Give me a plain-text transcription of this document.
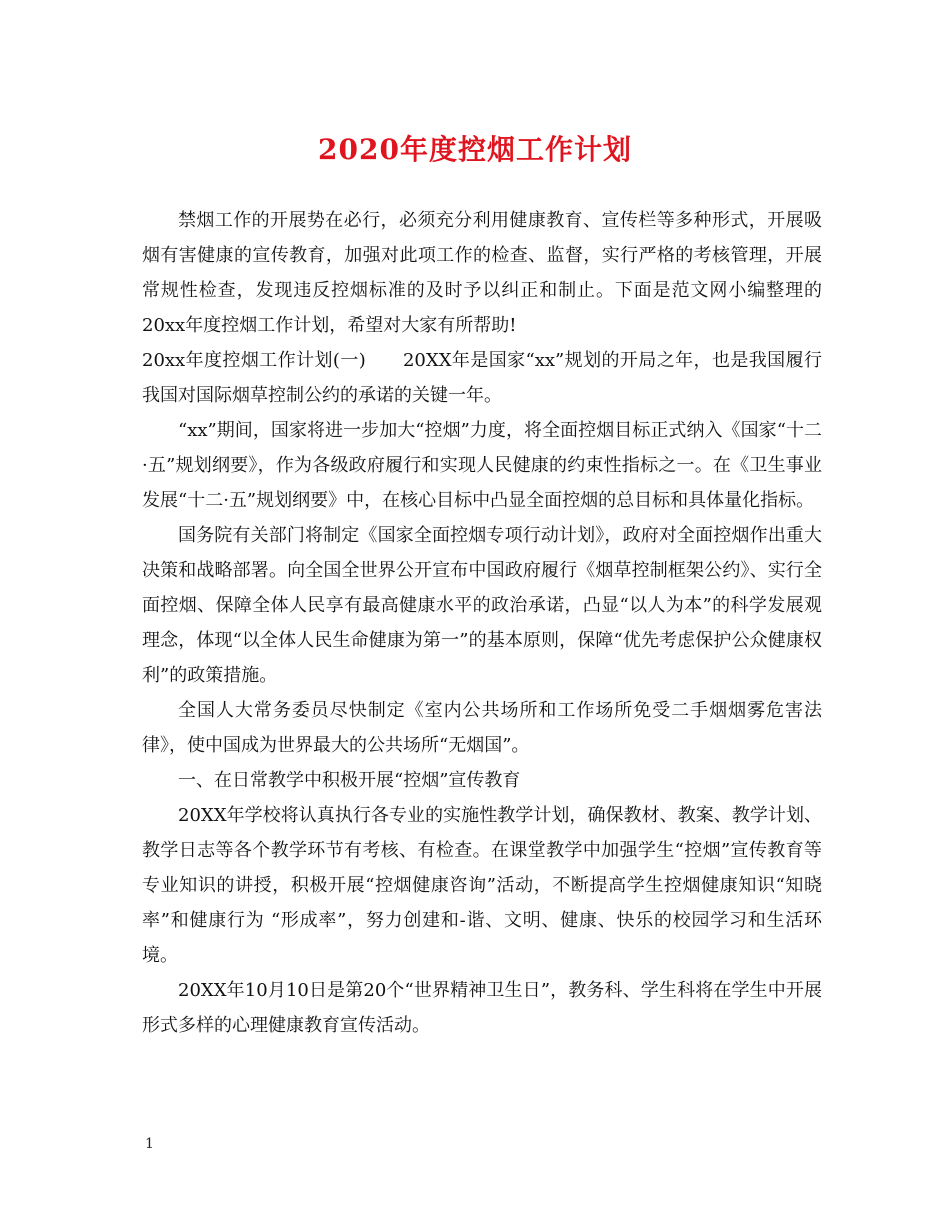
2020年度控烟工作计划

禁烟工作的开展势在必行，必须充分利用健康教育、宣传栏等多种形式，开展吸烟有害健康的宣传教育，加强对此项工作的检查、监督，实行严格的考核管理，开展常规性检查，发现违反控烟标准的及时予以纠正和制止。下面是范文网小编整理的20xx年度控烟工作计划，希望对大家有所帮助!

20xx年度控烟工作计划(一)　　20XX年是国家“xx”规划的开局之年，也是我国履行我国对国际烟草控制公约的承诺的关键一年。

“xx”期间，国家将进一步加大“控烟”力度，将全面控烟目标正式纳入《国家“十二·五”规划纲要》，作为各级政府履行和实现人民健康的约束性指标之一。在《卫生事业发展“十二·五”规划纲要》中，在核心目标中凸显全面控烟的总目标和具体量化指标。

国务院有关部门将制定《国家全面控烟专项行动计划》，政府对全面控烟作出重大决策和战略部署。向全国全世界公开宣布中国政府履行《烟草控制框架公约》、实行全面控烟、保障全体人民享有最高健康水平的政治承诺，凸显“以人为本”的科学发展观理念，体现“以全体人民生命健康为第一”的基本原则，保障“优先考虑保护公众健康权利”的政策措施。

全国人大常务委员尽快制定《室内公共场所和工作场所免受二手烟烟雾危害法律》，使中国成为世界最大的公共场所“无烟国”。

一、在日常教学中积极开展“控烟”宣传教育

20XX年学校将认真执行各专业的实施性教学计划，确保教材、教案、教学计划、教学日志等各个教学环节有考核、有检查。在课堂教学中加强学生“控烟”宣传教育等专业知识的讲授，积极开展“控烟健康咨询”活动，不断提高学生控烟健康知识“知晓率”和健康行为 “形成率”，努力创建和-谐、文明、健康、快乐的校园学习和生活环境。

20XX年10月10日是第20个“世界精神卫生日”，教务科、学生科将在学生中开展形式多样的心理健康教育宣传活动。

1
